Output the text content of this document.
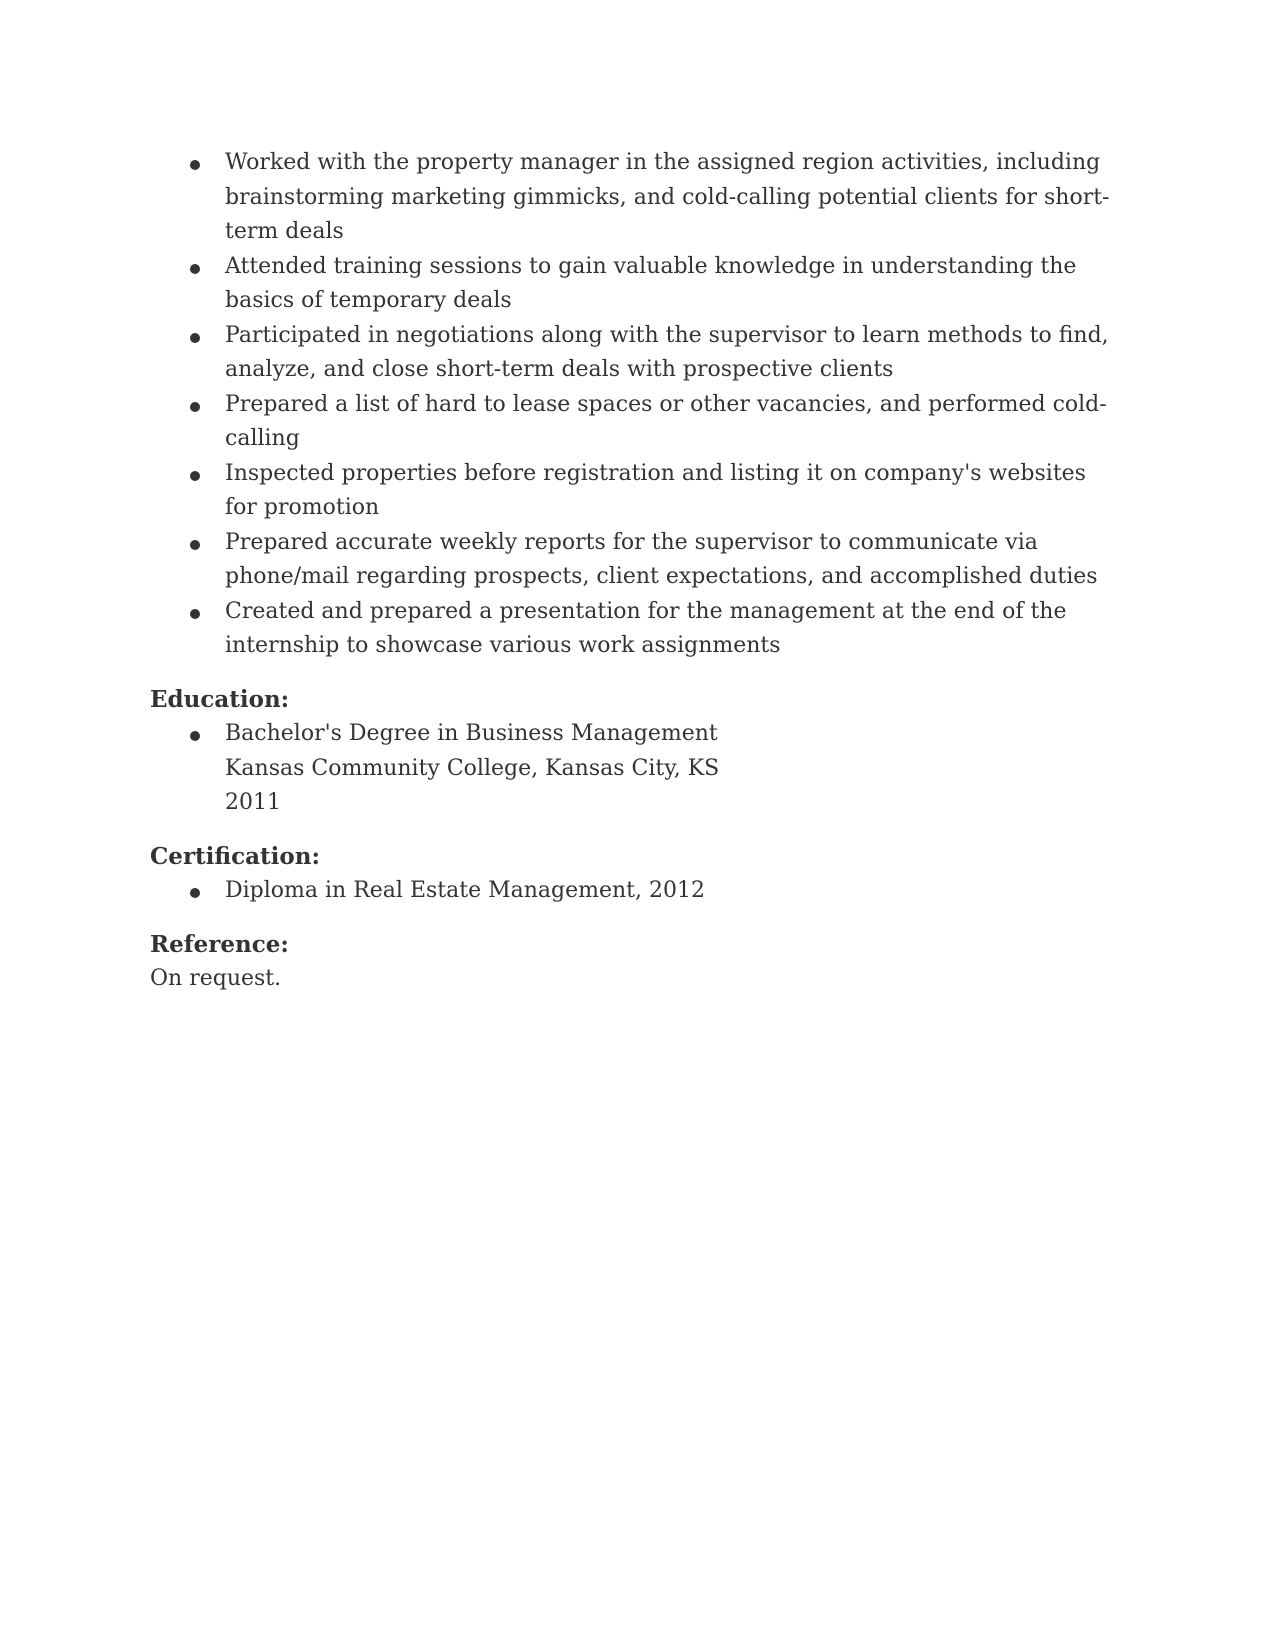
Worked with the property manager in the assigned region activities, including brainstorming marketing gimmicks, and cold-calling potential clients for short-term deals
Attended training sessions to gain valuable knowledge in understanding the basics of temporary deals
Participated in negotiations along with the supervisor to learn methods to find, analyze, and close short-term deals with prospective clients
Prepared a list of hard to lease spaces or other vacancies, and performed cold-calling
Inspected properties before registration and listing it on company's websites for promotion
Prepared accurate weekly reports for the supervisor to communicate via phone/mail regarding prospects, client expectations, and accomplished duties
Created and prepared a presentation for the management at the end of the internship to showcase various work assignments
Education:
Bachelor's Degree in Business Management
Kansas Community College, Kansas City, KS
2011
Certification:
Diploma in Real Estate Management, 2012
Reference:
On request.
